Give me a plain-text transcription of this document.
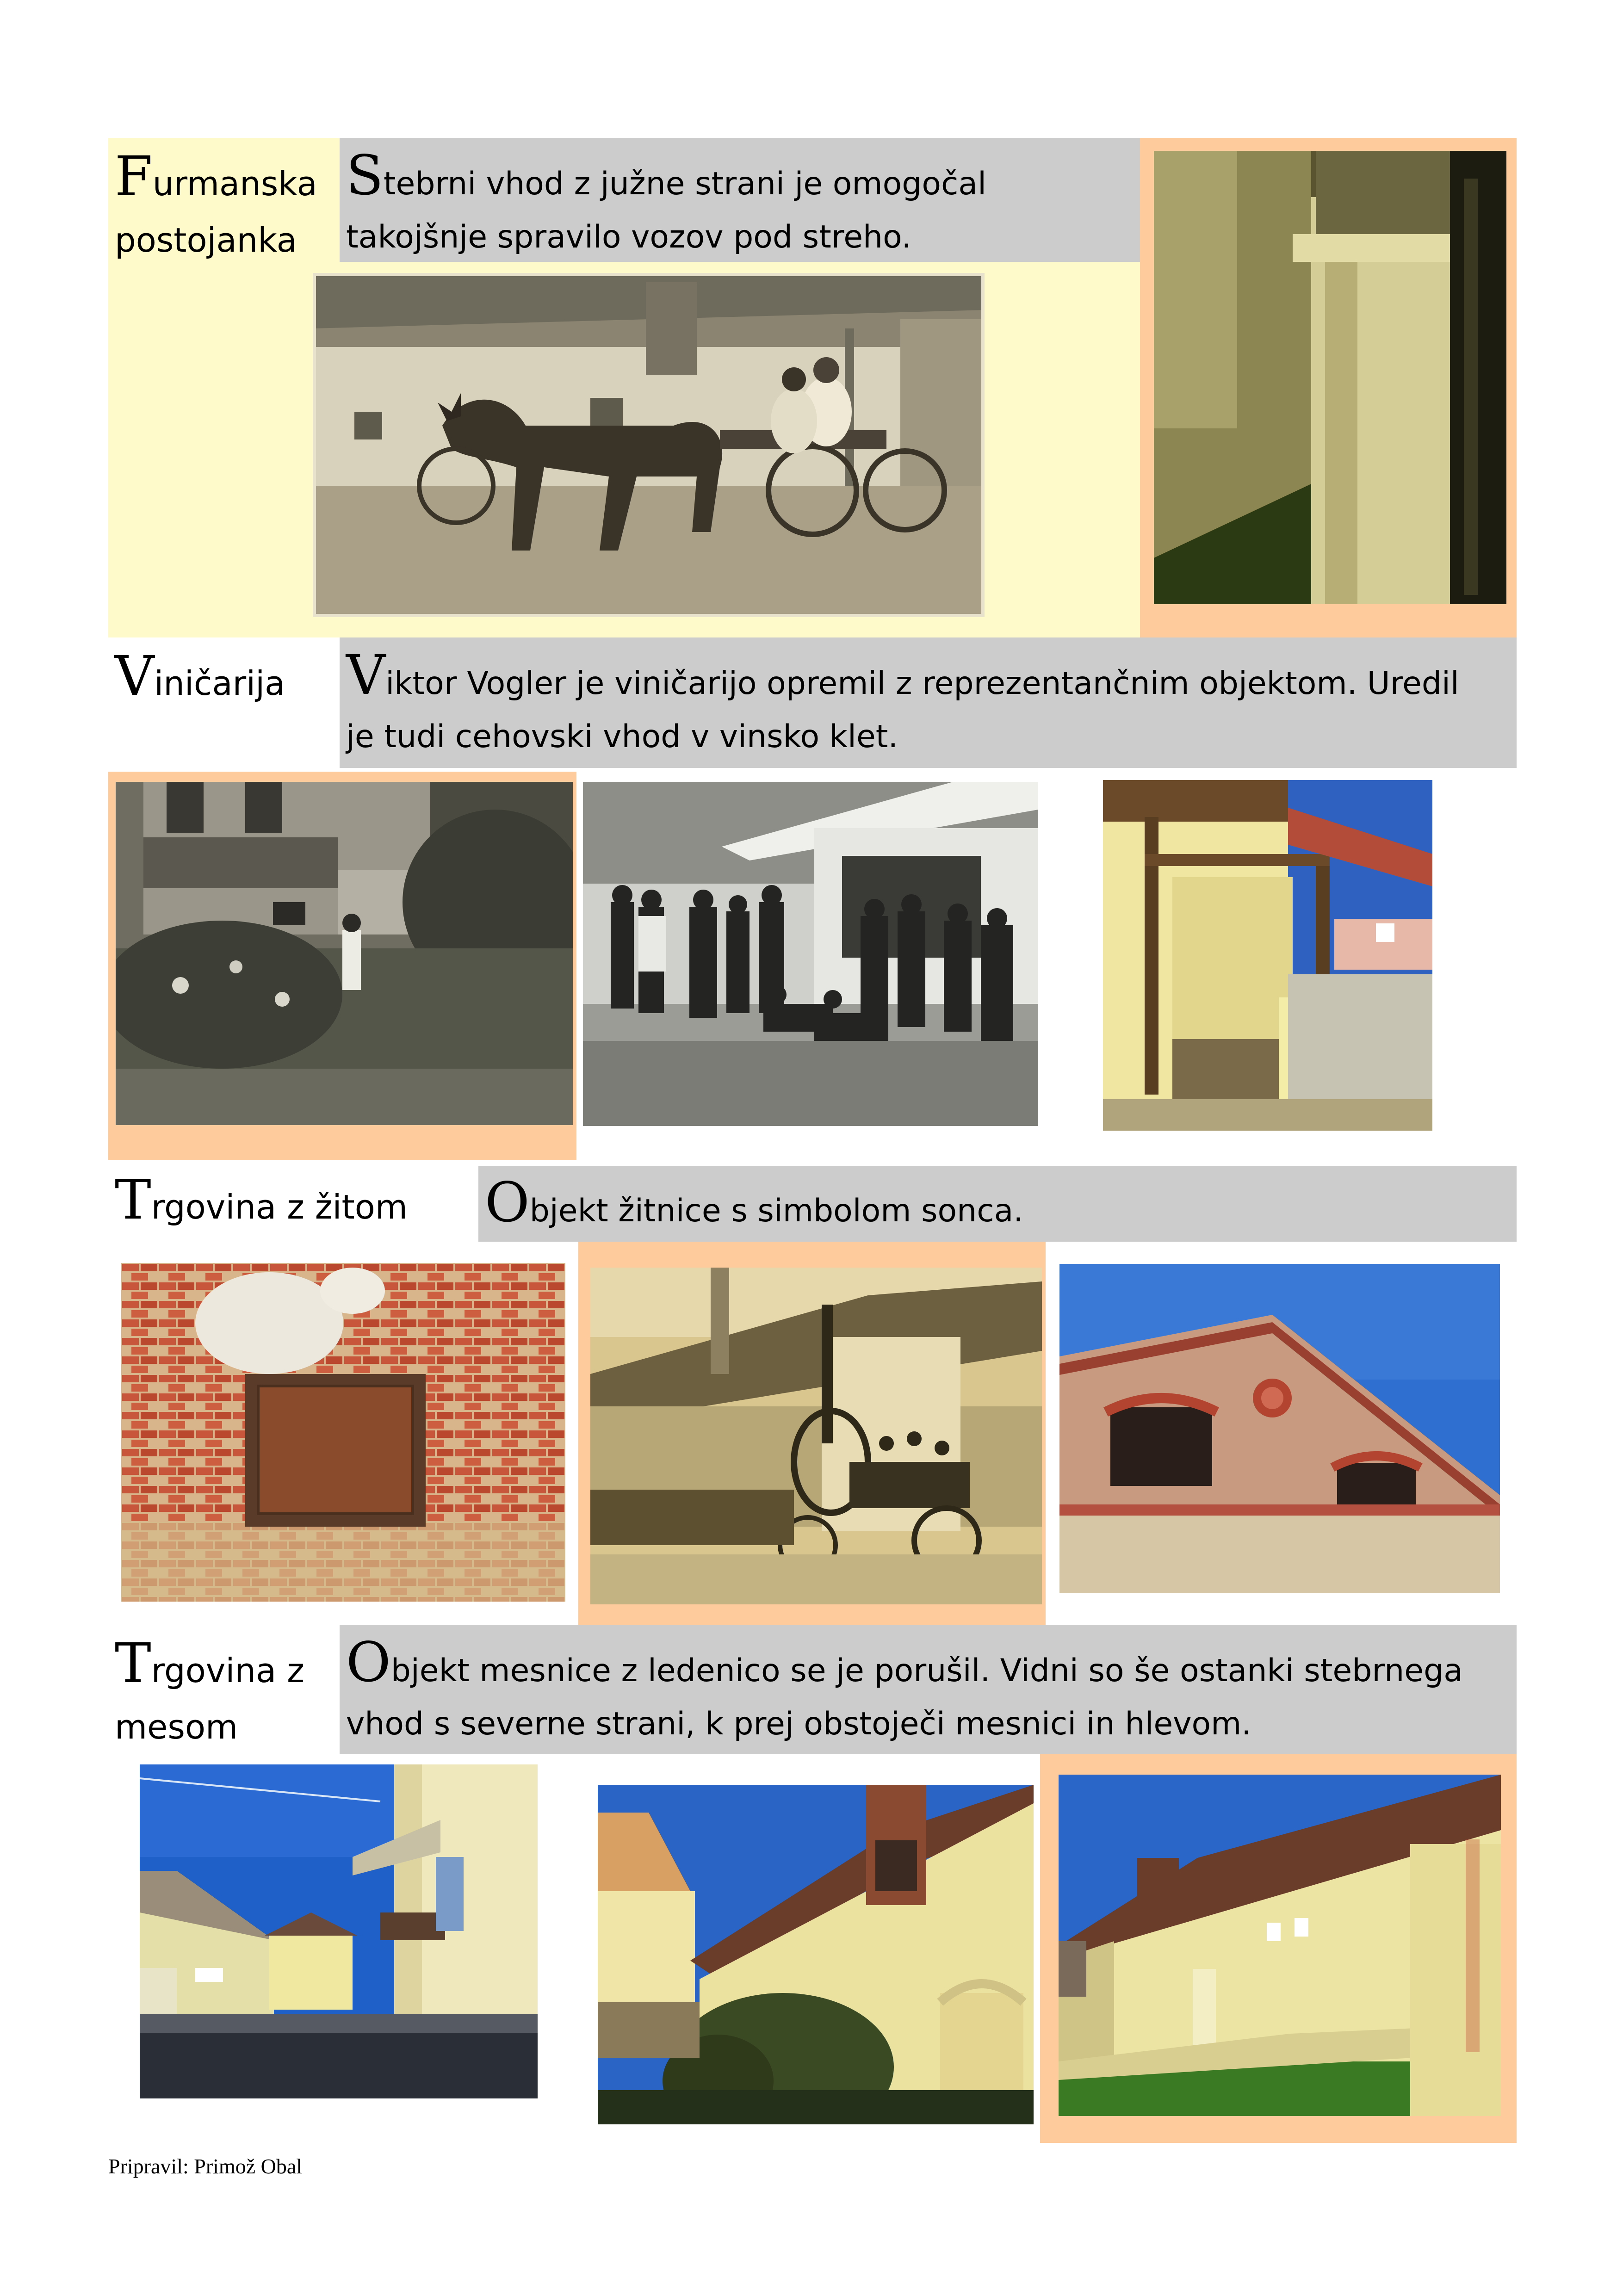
Furmanska
postojanka
Stebrni vhod z južne strani je omogočal
takojšnje spravilo vozov pod streho.
Viničarija	Viktor Vogler je viničarijo opremil z reprezentančnim objektom. Uredil
je tudi cehovski vhod v vinsko klet.
Trgovina z žitom	Objekt žitnice s simbolom sonca.
Trgovina z
mesom
Objekt mesnice z ledenico se je porušil. Vidni so še ostanki stebrnega
vhod s severne strani, k prej obstoječi mesnici in hlevom.
Pripravil: Primož Obal
